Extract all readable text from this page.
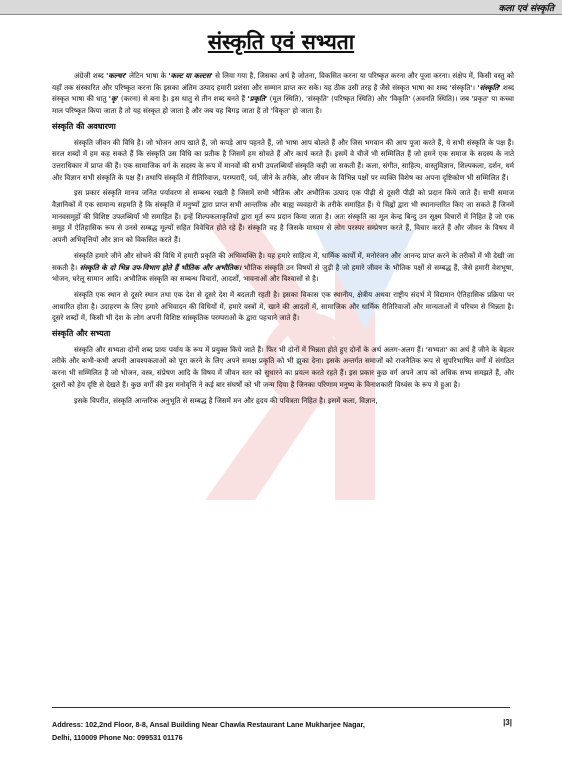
कला एवं संस्कृति
संस्कृति एवं सभ्यता

अंग्रेजी शब्द 'कल्चर' लेटिन भाषा के 'कल्ट या कल्टस' से लिया गया है, जिसका अर्थ है जोतना, विकसित करना या परिष्कृत करना और पूजा करना। संक्षेप में, किसी वस्तु को यहाँ तक संस्कारित और परिष्कृत करना कि इसका अंतिम उत्पाद हमारी प्रशंसा और सम्मान प्राप्त कर सके। यह ठीक उसी तरह है जैसे संस्कृत भाषा का शब्द 'संस्कृति'। 'संस्कृति' शब्द संस्कृत भाषा की धातु 'कृ' (करना) से बना है। इस धातु से तीन शब्द बनते हैं 'प्रकृति' (मूल स्थिति), 'संस्कृति' (परिष्कृत स्थिति) और 'विकृति' (अवनति स्थिति)। जब 'प्रकृत' या कच्चा माल परिष्कृत किया जाता है तो यह संस्कृत हो जाता है और जब यह बिगड़ जाता है तो 'विकृत' हो जाता है।

संस्कृति की अवधारणा

संस्कृति जीवन की विधि है। जो भोजन आप खाते हैं, जो कपड़े आप पहनते हैं, जो भाषा आप बोलते हैं और जिस भगवान की आप पूजा करते हैं, ये सभी संस्कृति के पक्ष हैं। सरल शब्दों में हम कह सकते हैं कि संस्कृति उस विधि का प्रतीक है जिसमें हम सोचते हैं और कार्य करते हैं। इसमें वे चीजें भी सम्मिलित हैं जो हमने एक समाज के सदस्य के नाते उत्तराधिकार में प्राप्त की हैं। एक सामाजिक वर्ग के सदस्य के रूप में मानवों की सभी उपलब्धियाँ संस्कृति कही जा सकती हैं। कला, संगीत, साहित्य, वास्तुविज्ञान, शिल्पकला, दर्शन, धर्म और विज्ञान सभी संस्कृति के पक्ष हैं। तथापि संस्कृति में रीतिरिवाज, परम्पराएँ, पर्व, जीने के तरीके, और जीवन के विभिन्न पक्षों पर व्यक्ति विशेष का अपना दृष्टिकोण भी सम्मिलित हैं।

इस प्रकार संस्कृति मानव जनित पर्यावरण से सम्बन्ध रखती है जिसमें सभी भौतिक और अभौतिक उत्पाद एक पीढ़ी से दूसरी पीढ़ी को प्रदान किये जाते हैं। सभी समाज वैज्ञानिकों में एक सामान्य सहमति है कि संस्कृति में मनुष्यों द्वारा प्राप्त सभी आन्तरिक और बाह्य व्यवहारों के तरीके समाहित हैं। ये चिह्नों द्वारा भी स्थानान्तरित किए जा सकते हैं जिनमें मानवसमूहों की विशिष्ट उपलब्धियाँ भी समाहित हैं। इन्हें शिल्पकलाकृतियों द्वारा मूर्त रूप प्रदान किया जाता है। अतः संस्कृति का मूल केन्द्र बिन्दु उन सूक्ष्म विचारों में निहित है जो एक समूह में ऐतिहासिक रूप से उनसे सम्बद्ध मूल्यों सहित विवेचित होते रहे हैं। संस्कृति वह है जिसके माध्यम से लोग परस्पर सम्प्रेषण करते हैं, विचार करते हैं और जीवन के विषय में अपनी अभिवृत्तियों और ज्ञान को विकसित करते हैं।

संस्कृति हमारे जीने और सोचने की विधि में हमारी प्रकृति की अभिव्यक्ति है। यह हमारे साहित्य में, धार्मिक कार्यों में, मनोरंजन और आनन्द प्राप्त करने के तरीकों में भी देखी जा सकती है। संस्कृति के दो भिन्न उप-विभाग होते हैं भौतिक और अभौतिक। भौतिक संस्कृति उन विषयों से जुड़ी है जो हमारे जीवन के भौतिक पक्षों से सम्बद्ध हैं, जैसे हमारी वेशभूषा, भोजन, घरेलू सामान आदि। अभौतिक संस्कृति का सम्बन्ध विचारों, आदर्शों, भावनाओं और विश्वासों से है।

संस्कृति एक स्थान से दूसरे स्थान तथा एक देश से दूसरे देश में बदलती रहती है। इसका विकास एक स्थानीय, क्षेत्रीय अथवा राष्ट्रीय संदर्भ में विद्यमान ऐतिहासिक प्रक्रिया पर आधारित होता है। उदाहरण के लिए हमारे अभिवादन की विधियों में, हमारे वस्त्रों में, खाने की आदतों में, सामाजिक और धार्मिक रीतिरिवाजों और मान्यताओं में परिचम से भिन्नता है। दूसरे शब्दों में, किसी भी देश के लोग अपनी विशिष्ट सांस्कृतिक परम्पराओं के द्वारा पहचाने जाते हैं।

संस्कृति और सभ्यता

संस्कृति और सभ्यता दोनों शब्द प्रायः पर्याय के रूप में प्रयुक्त किये जाते हैं। फिर भी दोनों में भिन्नता होते हुए दोनों के अर्थ अलग-अलग हैं। 'सभ्यता' का अर्थ है जीने के बेहतर तरीके और कभी-कभी अपनी आवश्यकताओं को पूरा करने के लिए अपने समक्ष प्रकृति को भी झुका देना। इसके अन्तर्गत समाजों को राजनैतिक रूप से सुपरिभाषित वर्गों में संगठित करना भी सम्मिलित है जो भोजन, वस्त्र, संप्रेषण आदि के विषय में जीवन स्तर को सुधारने का प्रयत्न करते रहते हैं। इस प्रकार कुछ वर्ग अपने आप को अधिक सभ्य समझते हैं, और दूसरों को हेय दृष्टि से देखते हैं। कुछ वर्गों की इस मनोवृत्ति ने कई बार संघर्षों को भी जन्म दिया है जिनका परिणाम मनुष्य के विनाशकारी विध्वंस के रूप में हुआ है।

इसके विपरीत, संस्कृति आन्तरिक अनुभूति से सम्बद्ध है जिसमें मन और हृदय की पवित्रता निहित है। इसमें कला, विज्ञान,

Address: 102,2nd Floor, 8-8, Ansal Building Near Chawla Restaurant Lane Mukharjee Nagar,
Delhi, 110009 Phone No: 099531 01176
|3|
